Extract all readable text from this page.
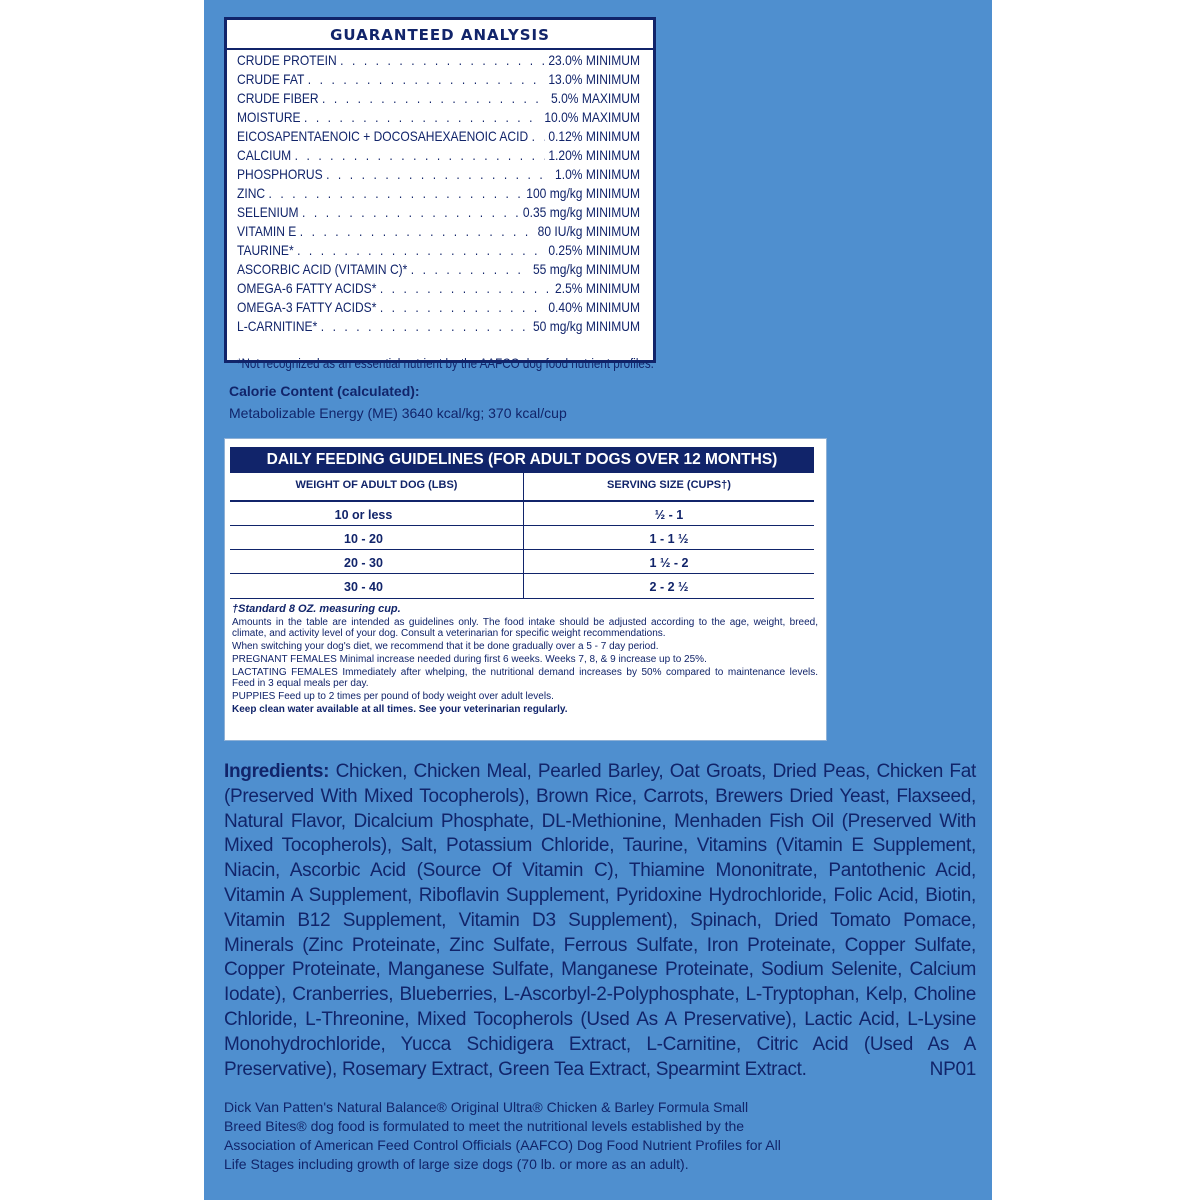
GUARANTEED ANALYSIS
CRUDE PROTEIN . . .	23.0% MINIMUM
CRUDE FAT . . .	13.0% MINIMUM
CRUDE FIBER . . .	5.0% MAXIMUM
MOISTURE . . .	10.0% MAXIMUM
EICOSAPENTAENOIC + DOCOSAHEXAENOIC ACID . . . 0.12% MINIMUM
CALCIUM . . .	1.20% MINIMUM
PHOSPHORUS . . .	1.0% MINIMUM
ZINC . . .	100 mg/kg MINIMUM
SELENIUM . . .	0.35 mg/kg MINIMUM
VITAMIN E . . .	80 IU/kg MINIMUM
TAURINE* . . .	0.25% MINIMUM
ASCORBIC ACID (VITAMIN C)* . . .	55 mg/kg MINIMUM
OMEGA-6 FATTY ACIDS* . . .	2.5% MINIMUM
OMEGA-3 FATTY ACIDS* . . .	0.40% MINIMUM
L-CARNITINE* . . .	50 mg/kg MINIMUM
*Not recognized as an essential nutrient by the AAFCO dog food nutrient profiles.
Calorie Content (calculated):
Metabolizable Energy (ME) 3640 kcal/kg; 370 kcal/cup
DAILY FEEDING GUIDELINES (FOR ADULT DOGS OVER 12 MONTHS)
WEIGHT OF ADULT DOG (LBS)	SERVING SIZE (CUPS†)
10 or less	½ - 1
10 - 20	1 - 1 ½
20 - 30	1 ½ - 2
30 - 40	2 - 2 ½
†Standard 8 OZ. measuring cup.
Amounts in the table are intended as guidelines only. The food intake should be adjusted according to the age, weight, breed, climate, and activity level of your dog. Consult a veterinarian for specific weight recommendations.
When switching your dog's diet, we recommend that it be done gradually over a 5 - 7 day period.
PREGNANT FEMALES Minimal increase needed during first 6 weeks. Weeks 7, 8, & 9 increase up to 25%.
LACTATING FEMALES Immediately after whelping, the nutritional demand increases by 50% compared to maintenance levels. Feed in 3 equal meals per day.
PUPPIES Feed up to 2 times per pound of body weight over adult levels.
Keep clean water available at all times. See your veterinarian regularly.
Ingredients: Chicken, Chicken Meal, Pearled Barley, Oat Groats, Dried Peas, Chicken Fat (Preserved With Mixed Tocopherols), Brown Rice, Carrots, Brewers Dried Yeast, Flaxseed, Natural Flavor, Dicalcium Phosphate, DL-Methionine, Menhaden Fish Oil (Preserved With Mixed Tocopherols), Salt, Potassium Chloride, Taurine, Vitamins (Vitamin E Supplement, Niacin, Ascorbic Acid (Source Of Vitamin C), Thiamine Mononitrate, Pantothenic Acid, Vitamin A Supplement, Riboflavin Supplement, Pyridoxine Hydrochloride, Folic Acid, Biotin, Vitamin B12 Supplement, Vitamin D3 Supplement), Spinach, Dried Tomato Pomace, Minerals (Zinc Proteinate, Zinc Sulfate, Ferrous Sulfate, Iron Proteinate, Copper Sulfate, Copper Proteinate, Manganese Sulfate, Manganese Proteinate, Sodium Selenite, Calcium Iodate), Cranberries, Blueberries, L-Ascorbyl-2-Polyphosphate, L-Tryptophan, Kelp, Choline Chloride, L-Threonine, Mixed Tocopherols (Used As A Preservative), Lactic Acid, L-Lysine Monohydrochloride, Yucca Schidigera Extract, L-Carnitine, Citric Acid (Used As A Preservative), Rosemary Extract, Green Tea Extract, Spearmint Extract.	NP01
Dick Van Patten's Natural Balance® Original Ultra® Chicken & Barley Formula Small Breed Bites® dog food is formulated to meet the nutritional levels established by the Association of American Feed Control Officials (AAFCO) Dog Food Nutrient Profiles for All Life Stages including growth of large size dogs (70 lb. or more as an adult).
